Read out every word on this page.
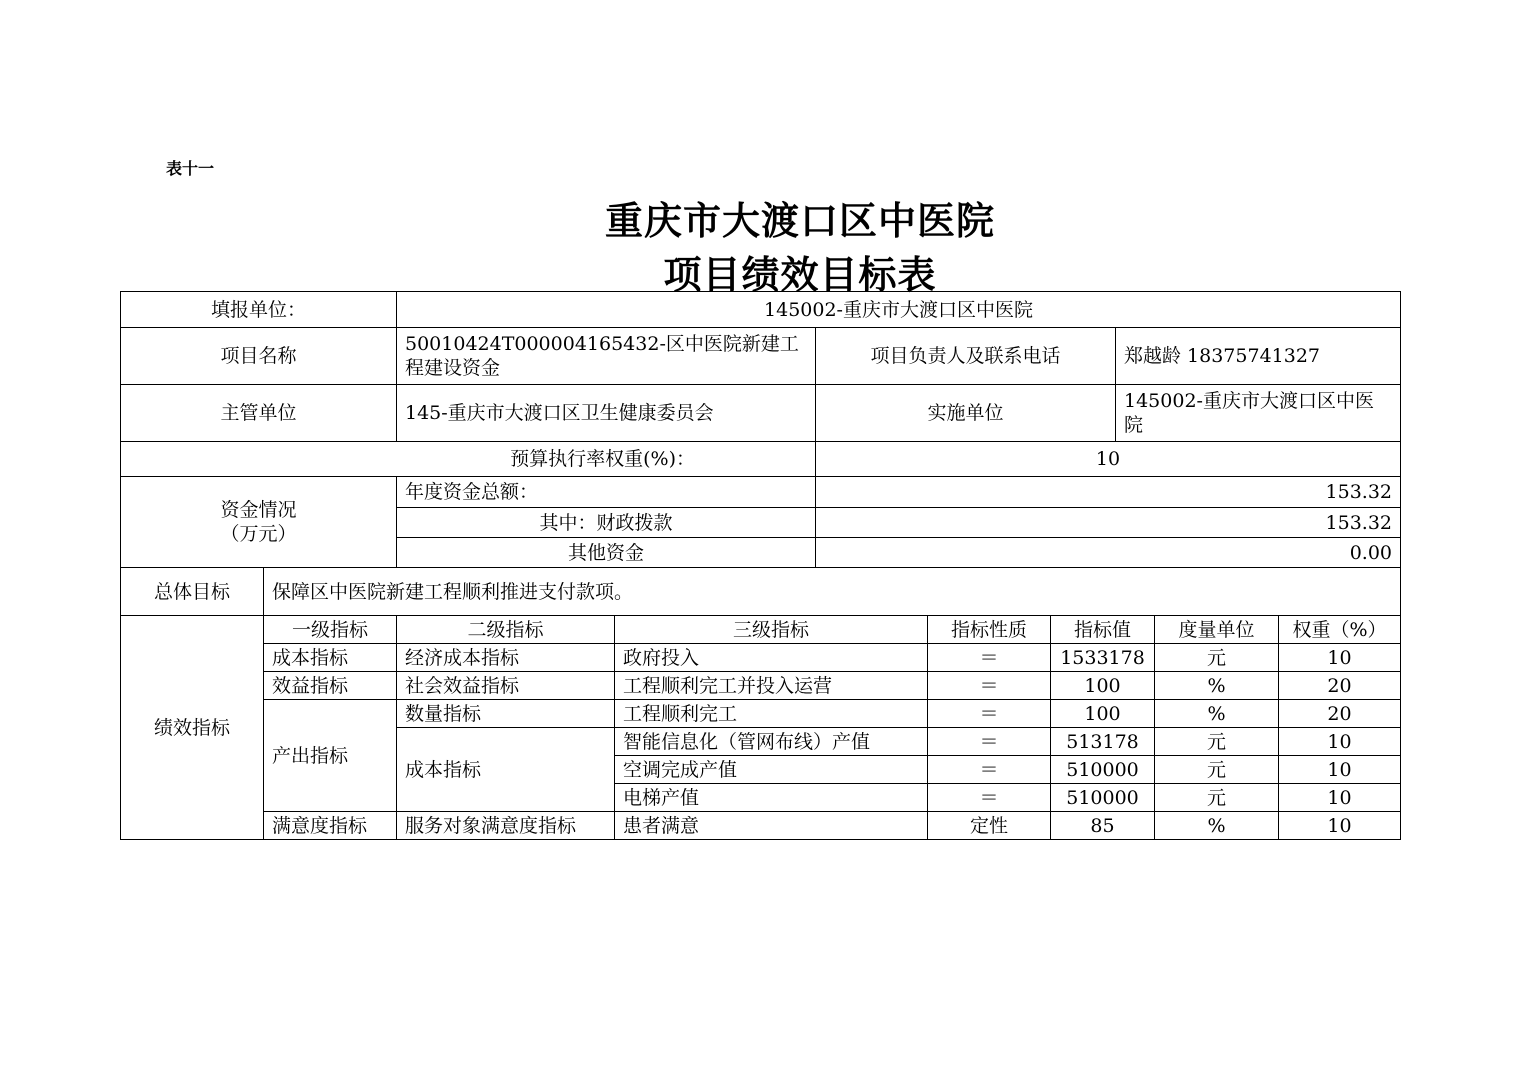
表十一
重庆市大渡口区中医院
项目绩效目标表
填报单位：	145002-重庆市大渡口区中医院		
项目名称	50010424T000004165432-区中医院新建工程建设资金	项目负责人及联系电话	郑越龄 18375741327
主管单位	145-重庆市大渡口区卫生健康委员会	实施单位	145002-重庆市大渡口区中医院
预算执行率权重(%)：		10	

资金情况
（万元）	年度资金总额：	153.32	
	其中：财政拨款	153.32	
	其他资金	0.00	
总体目标	保障区中医院新建工程顺利推进支付款项。
绩效指标	一级指标	二级指标	三级指标	指标性质	指标值	度量单位	权重（%）
	成本指标	经济成本指标	政府投入	＝	1533178	元	10
	效益指标	社会效益指标	工程顺利完工并投入运营	＝	100	%	20
	产出指标	数量指标	工程顺利完工	＝	100	%	20
		成本指标	智能信息化（管网布线）产值	＝	513178	元	10
			空调完成产值	＝	510000	元	10
			电梯产值	＝	510000	元	10
	满意度指标	服务对象满意度指标	患者满意	定性	85	%	10
